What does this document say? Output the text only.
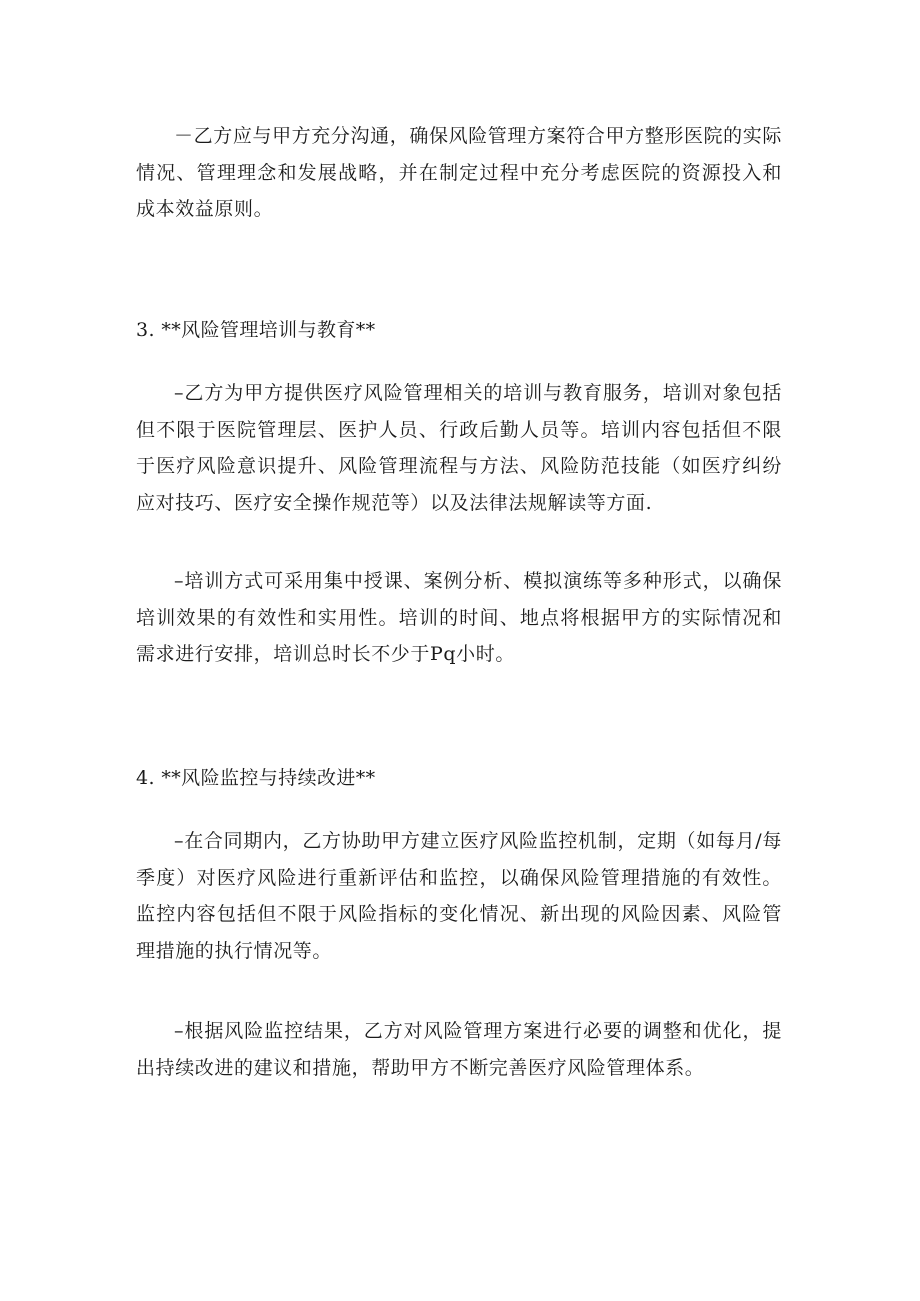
－乙方应与甲方充分沟通，确保风险管理方案符合甲方整形医院的实际情况、管理理念和发展战略，并在制定过程中充分考虑医院的资源投入和成本效益原则。

3. **风险管理培训与教育**

–乙方为甲方提供医疗风险管理相关的培训与教育服务，培训对象包括但不限于医院管理层、医护人员、行政后勤人员等。培训内容包括但不限于医疗风险意识提升、风险管理流程与方法、风险防范技能（如医疗纠纷应对技巧、医疗安全操作规范等）以及法律法规解读等方面.

–培训方式可采用集中授课、案例分析、模拟演练等多种形式，以确保培训效果的有效性和实用性。培训的时间、地点将根据甲方的实际情况和需求进行安排，培训总时长不少于Pq小时。

4. **风险监控与持续改进**

–在合同期内，乙方协助甲方建立医疗风险监控机制，定期（如每月/每季度）对医疗风险进行重新评估和监控，以确保风险管理措施的有效性。监控内容包括但不限于风险指标的变化情况、新出现的风险因素、风险管理措施的执行情况等。

–根据风险监控结果，乙方对风险管理方案进行必要的调整和优化，提出持续改进的建议和措施，帮助甲方不断完善医疗风险管理体系。
